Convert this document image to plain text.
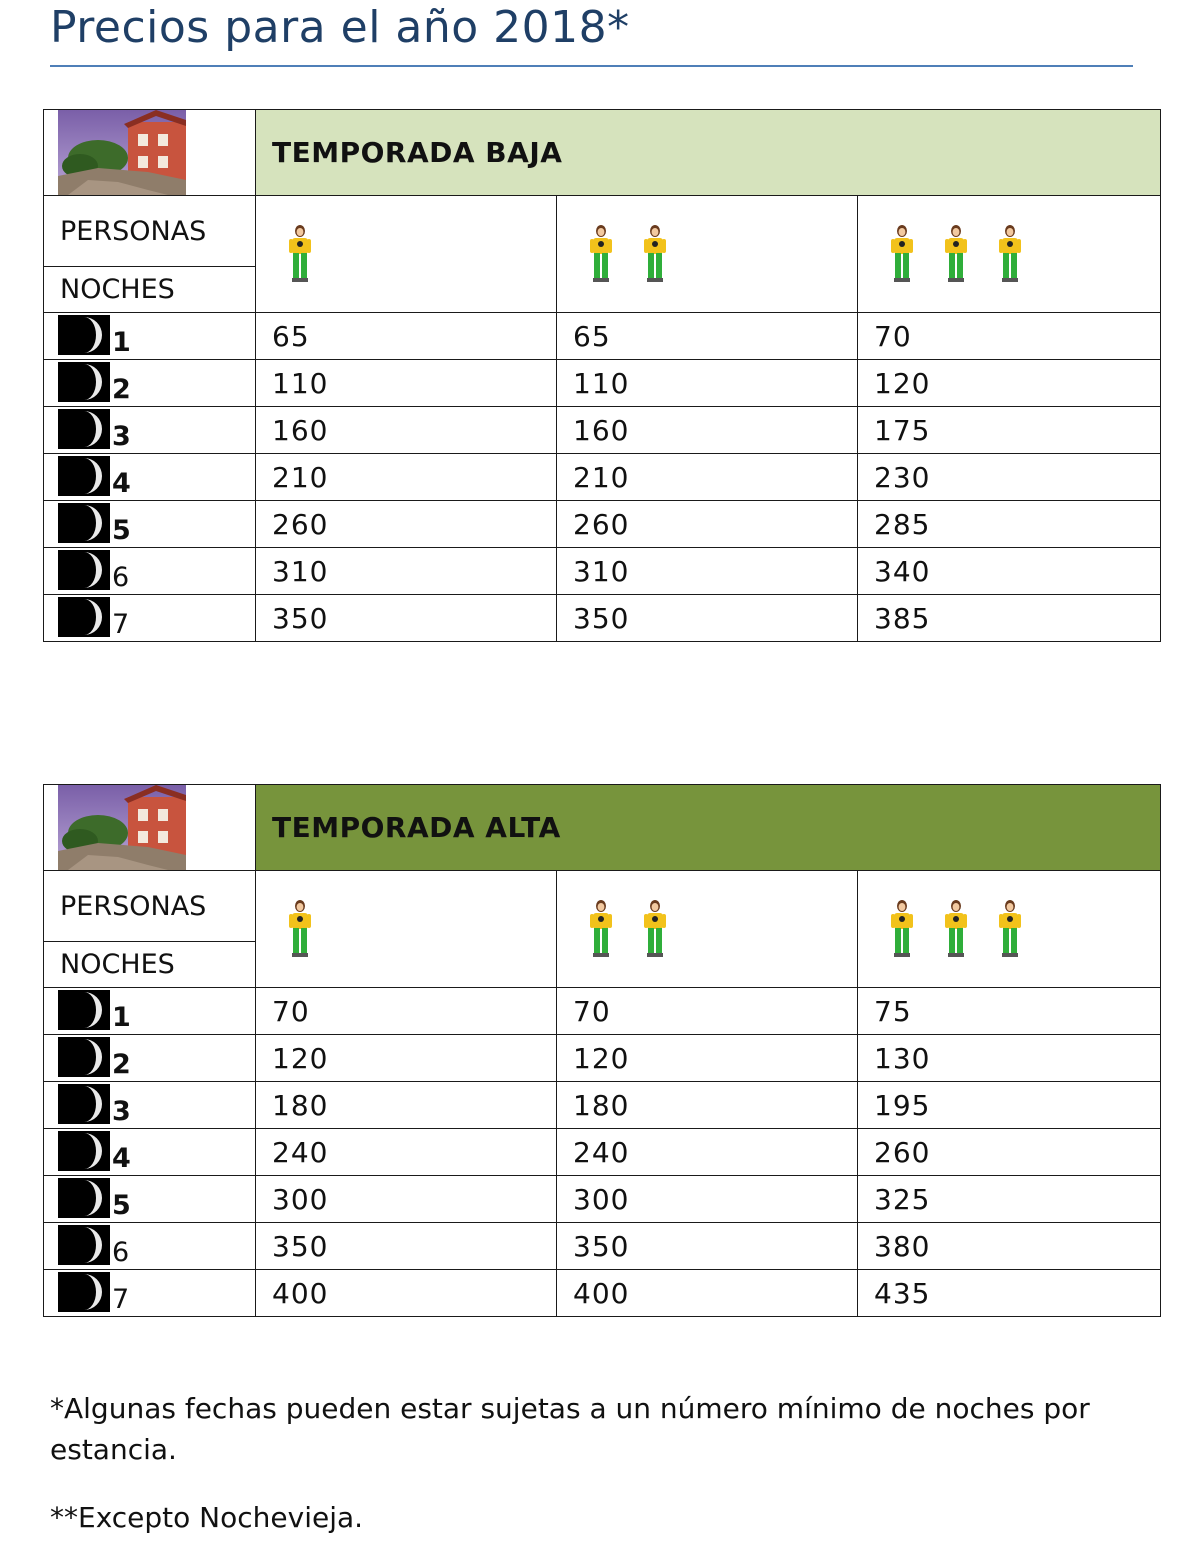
Precios para el año 2018*
	TEMPORADA BAJA		

PERSONAS
NOCHES

1	65	65	70

2	110	110	120

3	160	160	175

4	210	210	230

5	260	260	285

6	310	310	340

7	350	350	385
	TEMPORADA ALTA		

PERSONAS
NOCHES

1	70	70	75

2	120	120	130

3	180	180	195

4	240	240	260

5	300	300	325

6	350	350	380

7	400	400	435

*Algunas fechas pueden estar sujetas a un número mínimo de noches por estancia.

**Excepto Nochevieja.
